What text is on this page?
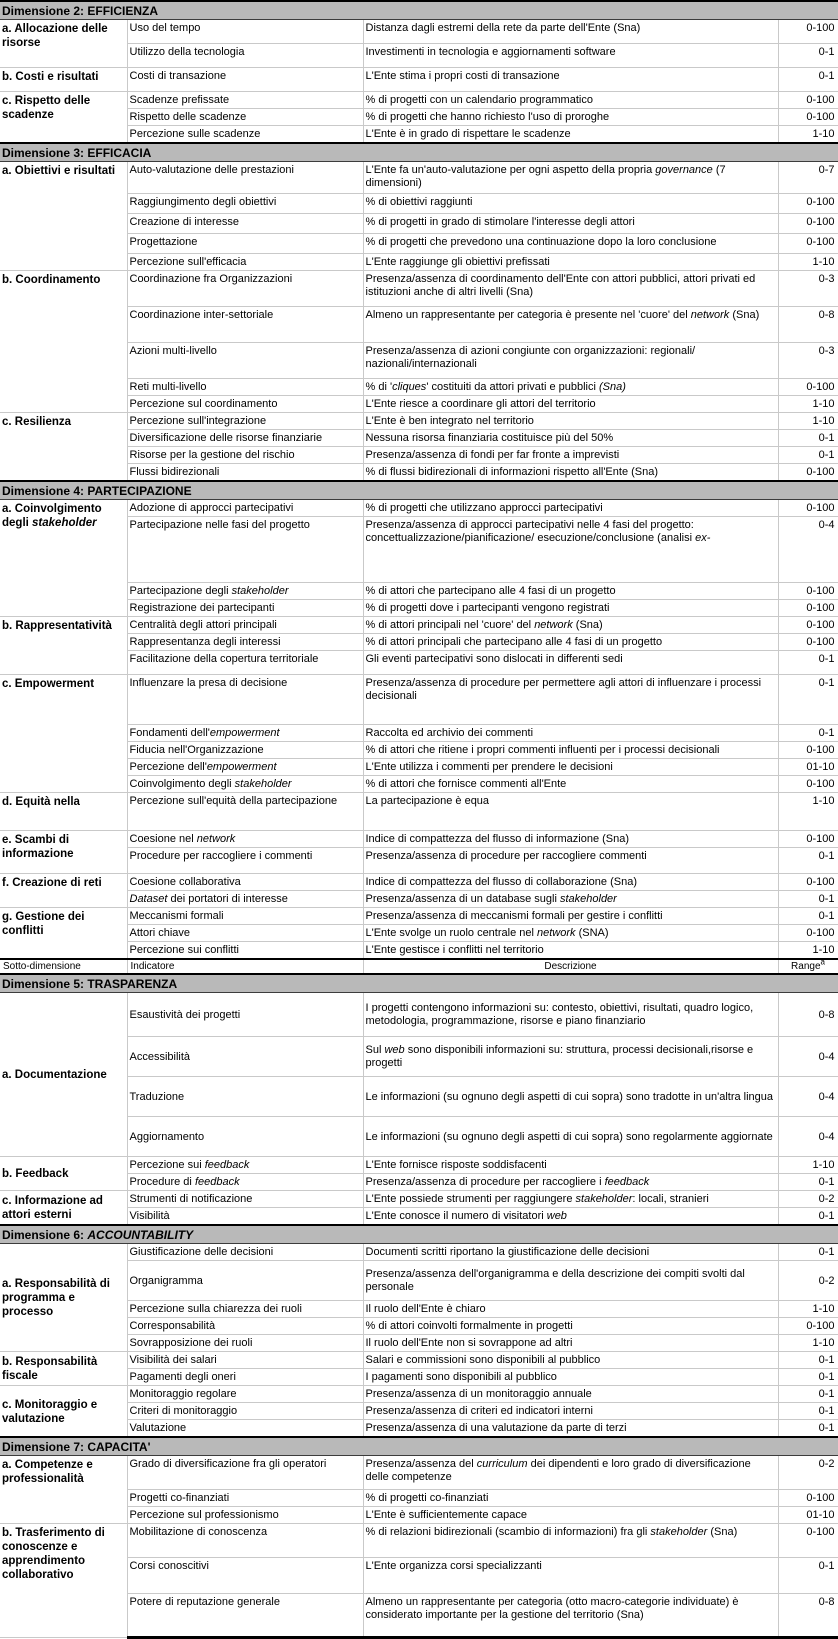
Dimensione 2: EFFICIENZA			
a. Allocazione delle risorse	Uso del tempo	Distanza dagli estremi della rete da parte dell'Ente (Sna)	0-100
	Utilizzo della tecnologia	Investimenti in tecnologia e aggiornamenti software	0-1
b. Costi e risultati	Costi di transazione	L'Ente stima i propri costi di transazione	0-1
c. Rispetto delle scadenze	Scadenze prefissate	% di progetti con un calendario programmatico	0-100
	Rispetto delle scadenze	% di progetti che hanno richiesto l'uso di proroghe	0-100
	Percezione sulle scadenze	L'Ente è in grado di rispettare le scadenze	1-10
Dimensione 3: EFFICACIA			
a. Obiettivi e risultati	Auto-valutazione delle prestazioni	L'Ente fa un'auto-valutazione per ogni aspetto della propria governance (7 dimensioni)	0-7
	Raggiungimento degli obiettivi	% di obiettivi raggiunti	0-100
	Creazione di interesse	% di progetti in grado di stimolare l'interesse degli attori	0-100
	Progettazione	% di progetti che prevedono una continuazione dopo la loro conclusione	0-100
	Percezione sull'efficacia	L'Ente raggiunge gli obiettivi prefissati	1-10
b. Coordinamento	Coordinazione fra Organizzazioni	Presenza/assenza di coordinamento dell'Ente con attori pubblici, attori privati ed istituzioni anche di altri livelli (Sna)	0-3
	Coordinazione inter-settoriale	Almeno un rappresentante per categoria è presente nel 'cuore' del network (Sna)	0-8
	Azioni multi-livello	Presenza/assenza di azioni congiunte con organizzazioni: regionali/ nazionali/internazionali	0-3
	Reti multi-livello	% di 'cliques' costituiti da attori privati e pubblici (Sna)	0-100
	Percezione sul coordinamento	L'Ente riesce a coordinare gli attori del territorio	1-10
c. Resilienza	Percezione sull'integrazione	L'Ente è ben integrato nel territorio	1-10
	Diversificazione delle risorse finanziarie	Nessuna risorsa finanziaria costituisce più del 50%	0-1
	Risorse per la gestione del rischio	Presenza/assenza di fondi per far fronte a imprevisti	0-1
	Flussi bidirezionali	% di flussi bidirezionali di informazioni rispetto all'Ente (Sna)	0-100
Dimensione 4: PARTECIPAZIONE			
a. Coinvolgimento degli stakeholder	Adozione di approcci partecipativi	% di progetti che utilizzano approcci partecipativi	0-100
	Partecipazione nelle fasi del progetto	Presenza/assenza di approcci partecipativi nelle 4 fasi del progetto: concettualizzazione/pianificazione/ esecuzione/conclusione (analisi ex-	0-4
	Partecipazione degli stakeholder	% di attori che partecipano alle 4 fasi di un progetto	0-100
	Registrazione dei partecipanti	% di progetti dove i partecipanti vengono registrati	0-100
b. Rappresentatività	Centralità degli attori principali	% di attori principali nel 'cuore' del network (Sna)	0-100
	Rappresentanza degli interessi	% di attori principali che partecipano alle 4 fasi di un progetto	0-100
	Facilitazione della copertura territoriale	Gli eventi partecipativi sono dislocati in differenti sedi	0-1
c. Empowerment	Influenzare la presa di decisione	Presenza/assenza di procedure per permettere agli attori di influenzare i processi decisionali	0-1
	Fondamenti dell'empowerment	Raccolta ed archivio dei commenti	0-1
	Fiducia nell'Organizzazione	% di attori che ritiene i propri commenti influenti per i processi decisionali	0-100
	Percezione dell'empowerment	L'Ente utilizza i commenti per prendere le decisioni	01-10
	Coinvolgimento degli stakeholder	% di attori che fornisce commenti all'Ente	0-100
d. Equità nella	Percezione sull'equità della partecipazione	La partecipazione è equa	1-10
e. Scambi di informazione	Coesione nel network	Indice di compattezza del flusso di informazione (Sna)	0-100
	Procedure per raccogliere i commenti	Presenza/assenza di procedure per raccogliere commenti	0-1
f. Creazione di reti	Coesione collaborativa	Indice di compattezza del flusso di collaborazione (Sna)	0-100
	Dataset dei portatori di interesse	Presenza/assenza di un database sugli stakeholder	0-1
g. Gestione dei conflitti	Meccanismi formali	Presenza/assenza di meccanismi formali per gestire i conflitti	0-1
	Attori chiave	L'Ente svolge un ruolo centrale nel network (SNA)	0-100
	Percezione sui conflitti	L'Ente gestisce i conflitti nel territorio	1-10
Sotto-dimensione	Indicatore	Descrizione	Range$^a$
Dimensione 5: TRASPARENZA			
a. Documentazione	Esaustività dei progetti	I progetti contengono informazioni su: contesto, obiettivi, risultati, quadro logico, metodologia, programmazione, risorse e piano finanziario	0-8
	Accessibilità	Sul web sono disponibili informazioni su: struttura, processi decisionali,risorse e progetti	0-4
	Traduzione	Le informazioni (su ognuno degli aspetti di cui sopra) sono tradotte in un'altra lingua	0-4
	Aggiornamento	Le informazioni (su ognuno degli aspetti di cui sopra) sono regolarmente aggiornate	0-4
b. Feedback	Percezione sui feedback	L'Ente fornisce risposte soddisfacenti	1-10
	Procedure di feedback	Presenza/assenza di procedure per raccogliere i feedback	0-1
c. Informazione ad attori esterni	Strumenti di notificazione	L'Ente possiede strumenti per raggiungere stakeholder: locali, stranieri	0-2
	Visibilità	L'Ente conosce il numero di visitatori web	0-1
Dimensione 6: ACCOUNTABILITY			
a. Responsabilità di programma e processo	Giustificazione delle decisioni	Documenti scritti riportano la giustificazione delle decisioni	0-1
	Organigramma	Presenza/assenza dell'organigramma e della descrizione dei compiti svolti dal personale	0-2
	Percezione sulla chiarezza dei ruoli	Il ruolo dell'Ente è chiaro	1-10
	Corresponsabilità	% di attori coinvolti formalmente in progetti	0-100
	Sovrapposizione dei ruoli	Il ruolo dell'Ente non si sovrappone ad altri	1-10
b. Responsabilità fiscale	Visibilità dei salari	Salari e commissioni sono disponibili al pubblico	0-1
	Pagamenti degli oneri	I pagamenti sono disponibili al pubblico	0-1
c. Monitoraggio e valutazione	Monitoraggio regolare	Presenza/assenza di un monitoraggio annuale	0-1
	Criteri di monitoraggio	Presenza/assenza di criteri ed indicatori interni	0-1
	Valutazione	Presenza/assenza di una valutazione da parte di terzi	0-1
Dimensione 7: CAPACITA'			
a. Competenze e professionalità	Grado di diversificazione fra gli operatori	Presenza/assenza del curriculum dei dipendenti e loro grado di diversificazione delle competenze	0-2
	Progetti co-finanziati	% di progetti co-finanziati	0-100
	Percezione sul professionismo	L'Ente è sufficientemente capace	01-10
b. Trasferimento di conoscenze e apprendimento collaborativo	Mobilitazione di conoscenza	% di relazioni bidirezionali (scambio di informazioni) fra gli stakeholder (Sna)	0-100
	Corsi conoscitivi	L'Ente organizza corsi specializzanti	0-1
	Potere di reputazione generale	Almeno un rappresentante per categoria (otto macro-categorie individuate) è considerato importante per la gestione del territorio (Sna)	0-8
